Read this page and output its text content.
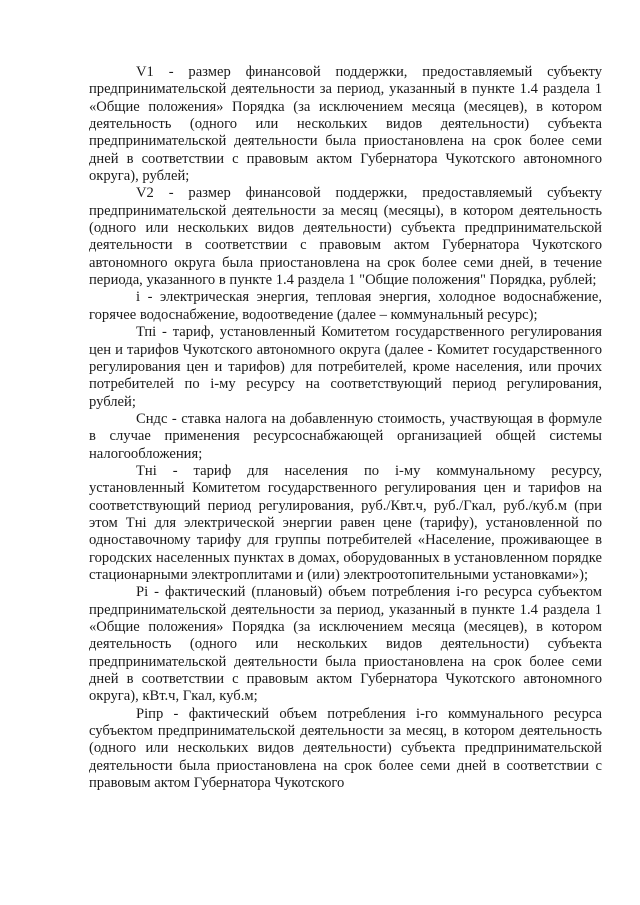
V1 - размер финансовой поддержки, предоставляемый субъекту предпринимательской деятельности за период, указанный в пункте 1.4 раздела 1 «Общие положения» Порядка (за исключением месяца (месяцев), в котором деятельность (одного или нескольких видов деятельности) субъекта предпринимательской деятельности была приостановлена на срок более семи дней в соответствии с правовым актом Губернатора Чукотского автономного округа), рублей;

V2 - размер финансовой поддержки, предоставляемый субъекту предпринимательской деятельности за месяц (месяцы), в котором деятельность (одного или нескольких видов деятельности) субъекта предпринимательской деятельности в соответствии с правовым актом Губернатора Чукотского автономного округа была приостановлена на срок более семи дней, в течение периода, указанного в пункте 1.4 раздела 1 "Общие положения" Порядка, рублей;

i - электрическая энергия, тепловая энергия, холодное водоснабжение, горячее водоснабжение, водоотведение (далее – коммунальный ресурс);

Тпi - тариф, установленный Комитетом государственного регулирования цен и тарифов Чукотского автономного округа (далее - Комитет государственного регулирования цен и тарифов) для потребителей, кроме населения, или прочих потребителей по i-му ресурсу на соответствующий период регулирования, рублей;

Сндс - ставка налога на добавленную стоимость, участвующая в формуле в случае применения ресурсоснабжающей организацией общей системы налогообложения;

Тні - тариф для населения по i-му коммунальному ресурсу, установленный Комитетом государственного регулирования цен и тарифов на соответствующий период регулирования, руб./Квт.ч, руб./Гкал, руб./куб.м (при этом Тні для электрической энергии равен цене (тарифу), установленной по одноставочному тарифу для группы потребителей «Население, проживающее в городских населенных пунктах в домах, оборудованных в установленном порядке стационарными электроплитами и (или) электроотопительными установками»);

Рі - фактический (плановый) объем потребления і-го ресурса субъектом предпринимательской деятельности за период, указанный в пункте 1.4 раздела 1 «Общие положения» Порядка (за исключением месяца (месяцев), в котором деятельность (одного или нескольких видов деятельности) субъекта предпринимательской деятельности была приостановлена на срок более семи дней в соответствии с правовым актом Губернатора Чукотского автономного округа), кВт.ч, Гкал, куб.м;

Ріпр - фактический объем потребления і-го коммунального ресурса субъектом предпринимательской деятельности за месяц, в котором деятельность (одного или нескольких видов деятельности) субъекта предпринимательской деятельности была приостановлена на срок более семи дней в соответствии с правовым актом Губернатора Чукотского
